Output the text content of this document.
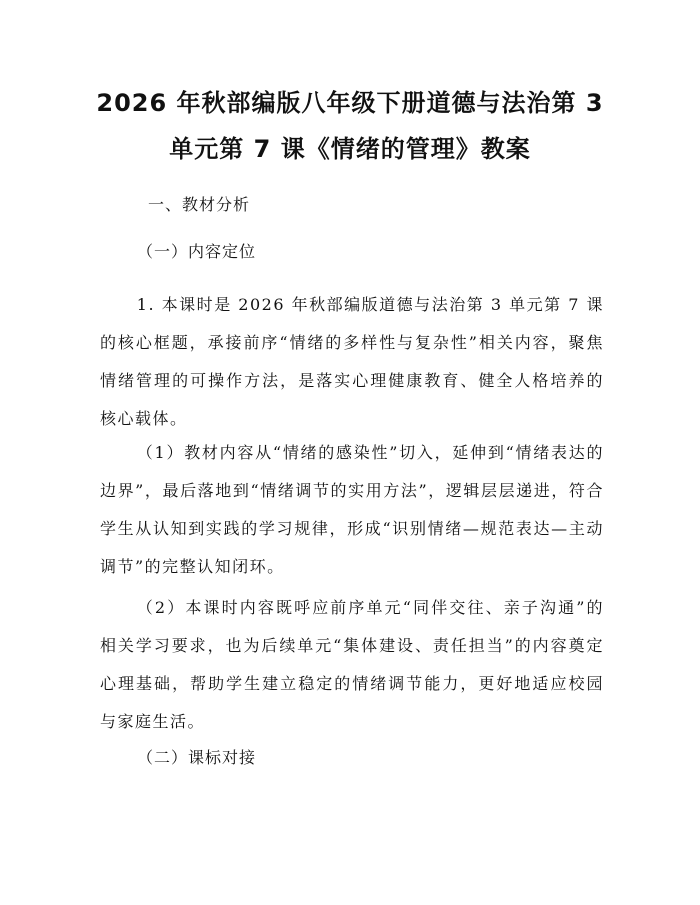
2026 年秋部编版八年级下册道德与法治第 3
单元第 7 课《情绪的管理》教案

一、教材分析

（一）内容定位

1. 本课时是 2026 年秋部编版道德与法治第 3 单元第 7 课的核心框题，承接前序“情绪的多样性与复杂性”相关内容，聚焦情绪管理的可操作方法，是落实心理健康教育、健全人格培养的核心载体。

（1）教材内容从“情绪的感染性”切入，延伸到“情绪表达的边界”，最后落地到“情绪调节的实用方法”，逻辑层层递进，符合学生从认知到实践的学习规律，形成“识别情绪—规范表达—主动调节”的完整认知闭环。

（2）本课时内容既呼应前序单元“同伴交往、亲子沟通”的相关学习要求，也为后续单元“集体建设、责任担当”的内容奠定心理基础，帮助学生建立稳定的情绪调节能力，更好地适应校园与家庭生活。

（二）课标对接
